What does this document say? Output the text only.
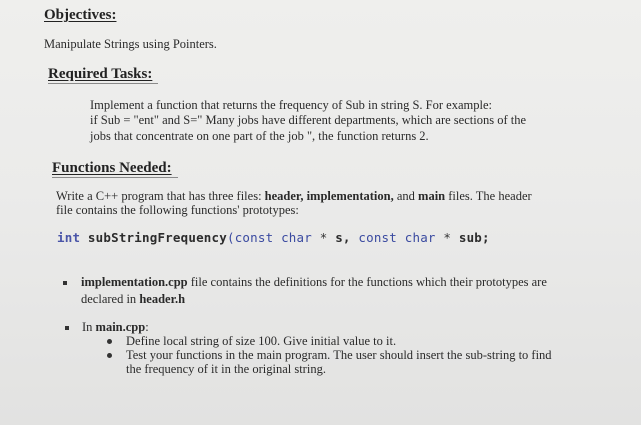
Objectives:
Manipulate Strings using Pointers.
Required Tasks:
Implement a function that returns the frequency of Sub in string S. For example:
if Sub = "ent" and S=" Many jobs have different departments, which are sections of the
jobs that concentrate on one part of the job ", the function returns 2.
Functions Needed:
Write a C++ program that has three files: header, implementation, and main files. The header
file contains the following functions' prototypes:
int subStringFrequency(const char * s, const char * sub;
implementation.cpp file contains the definitions for the functions which their prototypes are
declared in header.h
In main.cpp:
Define local string of size 100. Give initial value to it.
Test your functions in the main program. The user should insert the sub-string to find
the frequency of it in the original string.
